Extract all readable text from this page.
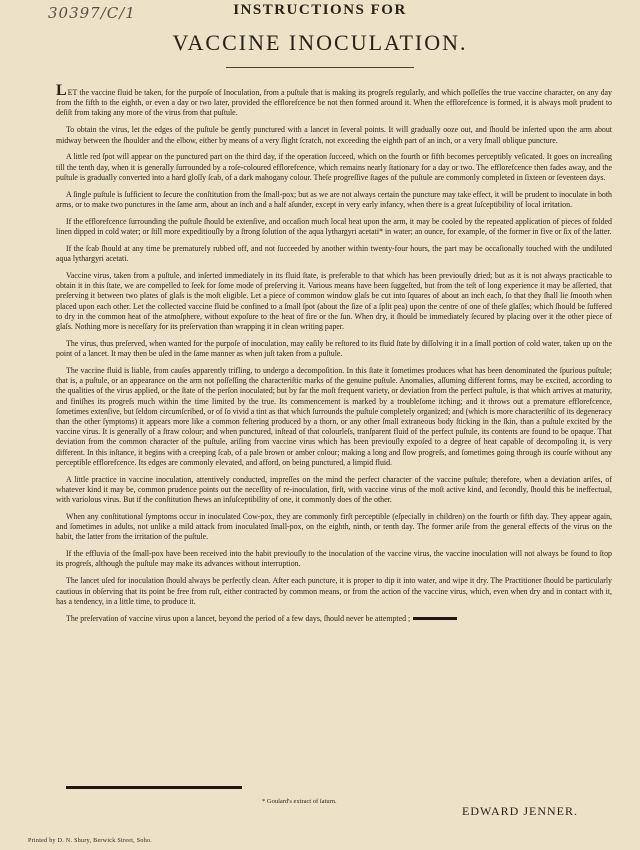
30397/C/1	INSTRUCTIONS FOR
VACCINE INOCULATION.

LET the vaccine fluid be taken, for the purpoſe of Inoculation, from a puſtule that is making its progreſs regularly, and which poſſeſſes the true vaccine character, on any day from the fifth to the eighth, or even a day or two later, provided the efflorefcence be not then formed around it. When the efflorefcence is formed, it is always moſt prudent to deſiſt from taking any more of the virus from that puſtule.

To obtain the virus, let the edges of the puſtule be gently punctured with a lancet in ſeveral points. It will gradually ooze out, and ſhould be inſerted upon the arm about midway between the ſhoulder and the elbow, either by means of a very ſlight ſcratch, not exceeding the eighth part of an inch, or a very ſmall oblique puncture.

A little red ſpot will appear on the punctured part on the third day, if the operation ſucceed, which on the fourth or fifth becomes perceptibly veſicated. It goes on increaſing till the tenth day, when it is generally ſurrounded by a roſe-coloured efflorefcence, which remains nearly ſtationary for a day or two. The efflorefcence then fades away, and the puſtule is gradually converted into a hard gloſſy ſcab, of a dark mahogany colour. Theſe progreſſive ſtages of the puſtule are commonly completed in ſixteen or ſeventeen days.

A ſingle puſtule is ſufficient to ſecure the conſtitution from the ſmall-pox; but as we are not always certain the puncture may take effect, it will be prudent to inoculate in both arms, or to make two punctures in the ſame arm, about an inch and a half aſunder, except in very early infancy, when there is a great ſuſceptibility of local irritation.

If the efflorefcence ſurrounding the puſtule ſhould be extenſive, and occaſion much local heat upon the arm, it may be cooled by the repeated application of pieces of folded linen dipped in cold water; or ſtill more expeditiouſly by a ſtrong ſolution of the aqua lythargyri acetati* in water; an ounce, for example, of the former in five or ſix of the latter.

If the ſcab ſhould at any time be prematurely rubbed off, and not ſucceeded by another within twenty-four hours, the part may be occaſionally touched with the undiluted aqua lythargyri acetati.

Vaccine virus, taken from a puſtule, and inſerted immediately in its fluid ſtate, is preferable to that which has been previouſly dried; but as it is not always practicable to obtain it in this ſtate, we are compelled to ſeek for ſome mode of preſerving it. Various means have been ſuggeſted, but from the teſt of long experience it may be aſſerted, that preſerving it between two plates of glaſs is the moſt eligible. Let a piece of common window glaſs be cut into ſquares of about an inch each, ſo that they ſhall lie ſmooth when placed upon each other. Let the collected vaccine fluid be confined to a ſmall ſpot (about the ſize of a ſplit pea) upon the centre of one of theſe glaſſes; which ſhould be ſuffered to dry in the common heat of the atmoſphere, without expoſure to the heat of fire or the ſun. When dry, it ſhould be immediately ſecured by placing over it the other piece of glaſs. Nothing more is neceſſary for its preſervation than wrapping it in clean writing paper.

The virus, thus preſerved, when wanted for the purpoſe of inoculation, may eaſily be reſtored to its fluid ſtate by diſſolving it in a ſmall portion of cold water, taken up on the point of a lancet. It may then be uſed in the ſame manner as when juſt taken from a puſtule.

The vaccine fluid is liable, from cauſes apparently trifling, to undergo a decompoſition. In this ſtate it ſometimes produces what has been denominated the ſpurious puſtule; that is, a puſtule, or an appearance on the arm not poſſeſſing the characteriſtic marks of the genuine puſtule. Anomalies, aſſuming different forms, may be excited, according to the qualities of the virus applied, or the ſtate of the perſon inoculated; but by far the moſt frequent variety, or deviation from the perfect puſtule, is that which arrives at maturity, and finiſhes its progreſs much within the time limited by the true. Its commencement is marked by a troubleſome itching; and it throws out a premature efflorefcence, ſometimes extenſive, but ſeldom circumſcribed, or of ſo vivid a tint as that which ſurrounds the puſtule completely organized; and (which is more characteriſtic of its degeneracy than the other ſymptoms) it appears more like a common feſtering produced by a thorn, or any other ſmall extraneous body ſticking in the ſkin, than a puſtule excited by the vaccine virus. It is generally of a ſtraw colour; and when punctured, inſtead of that colourleſs, tranſparent fluid of the perfect puſtule, its contents are found to be opaque. That deviation from the common character of the puſtule, ariſing from vaccine virus which has been previouſly expoſed to a degree of heat capable of decompoſing it, is very different. In this inſtance, it begins with a creeping ſcab, of a pale brown or amber colour; making a long and ſlow progreſs, and ſometimes going through its courſe without any perceptible efflorefcence. Its edges are commonly elevated, and afford, on being punctured, a limpid fluid.

A little practice in vaccine inoculation, attentively conducted, impreſſes on the mind the perfect character of the vaccine puſtule; therefore, when a deviation ariſes, of whatever kind it may be, common prudence points out the neceſſity of re-inoculation, firſt, with vaccine virus of the moſt active kind, and ſecondly, ſhould this be ineffectual, with variolous virus. But if the conſtitution ſhews an inſuſceptibility of one, it commonly does of the other.

When any conſtitutional ſymptoms occur in inoculated Cow-pox, they are commonly firſt perceptible (eſpecially in children) on the fourth or fifth day. They appear again, and ſometimes in adults, not unlike a mild attack from inoculated ſmall-pox, on the eighth, ninth, or tenth day. The former ariſe from the general effects of the virus on the habit, the latter from the irritation of the puſtule.

If the effluvia of the ſmall-pox have been received into the habit previouſly to the inoculation of the vaccine virus, the vaccine inoculation will not always be found to ſtop its progreſs, although the puſtule may make its advances without interruption.

The lancet uſed for inoculation ſhould always be perfectly clean. After each puncture, it is proper to dip it into water, and wipe it dry. The Practitioner ſhould be particularly cautious in obſerving that its point be free from ruſt, either contracted by common means, or from the action of the vaccine virus, which, even when dry and in contact with it, has a tendency, in a little time, to produce it.

The preſervation of vaccine virus upon a lancet, beyond the period of a few days, ſhould never be attempted ;

* Goulard's extract of ſaturn.
EDWARD JENNER.
Printed by D. N. Shury, Berwick Street, Soho.
